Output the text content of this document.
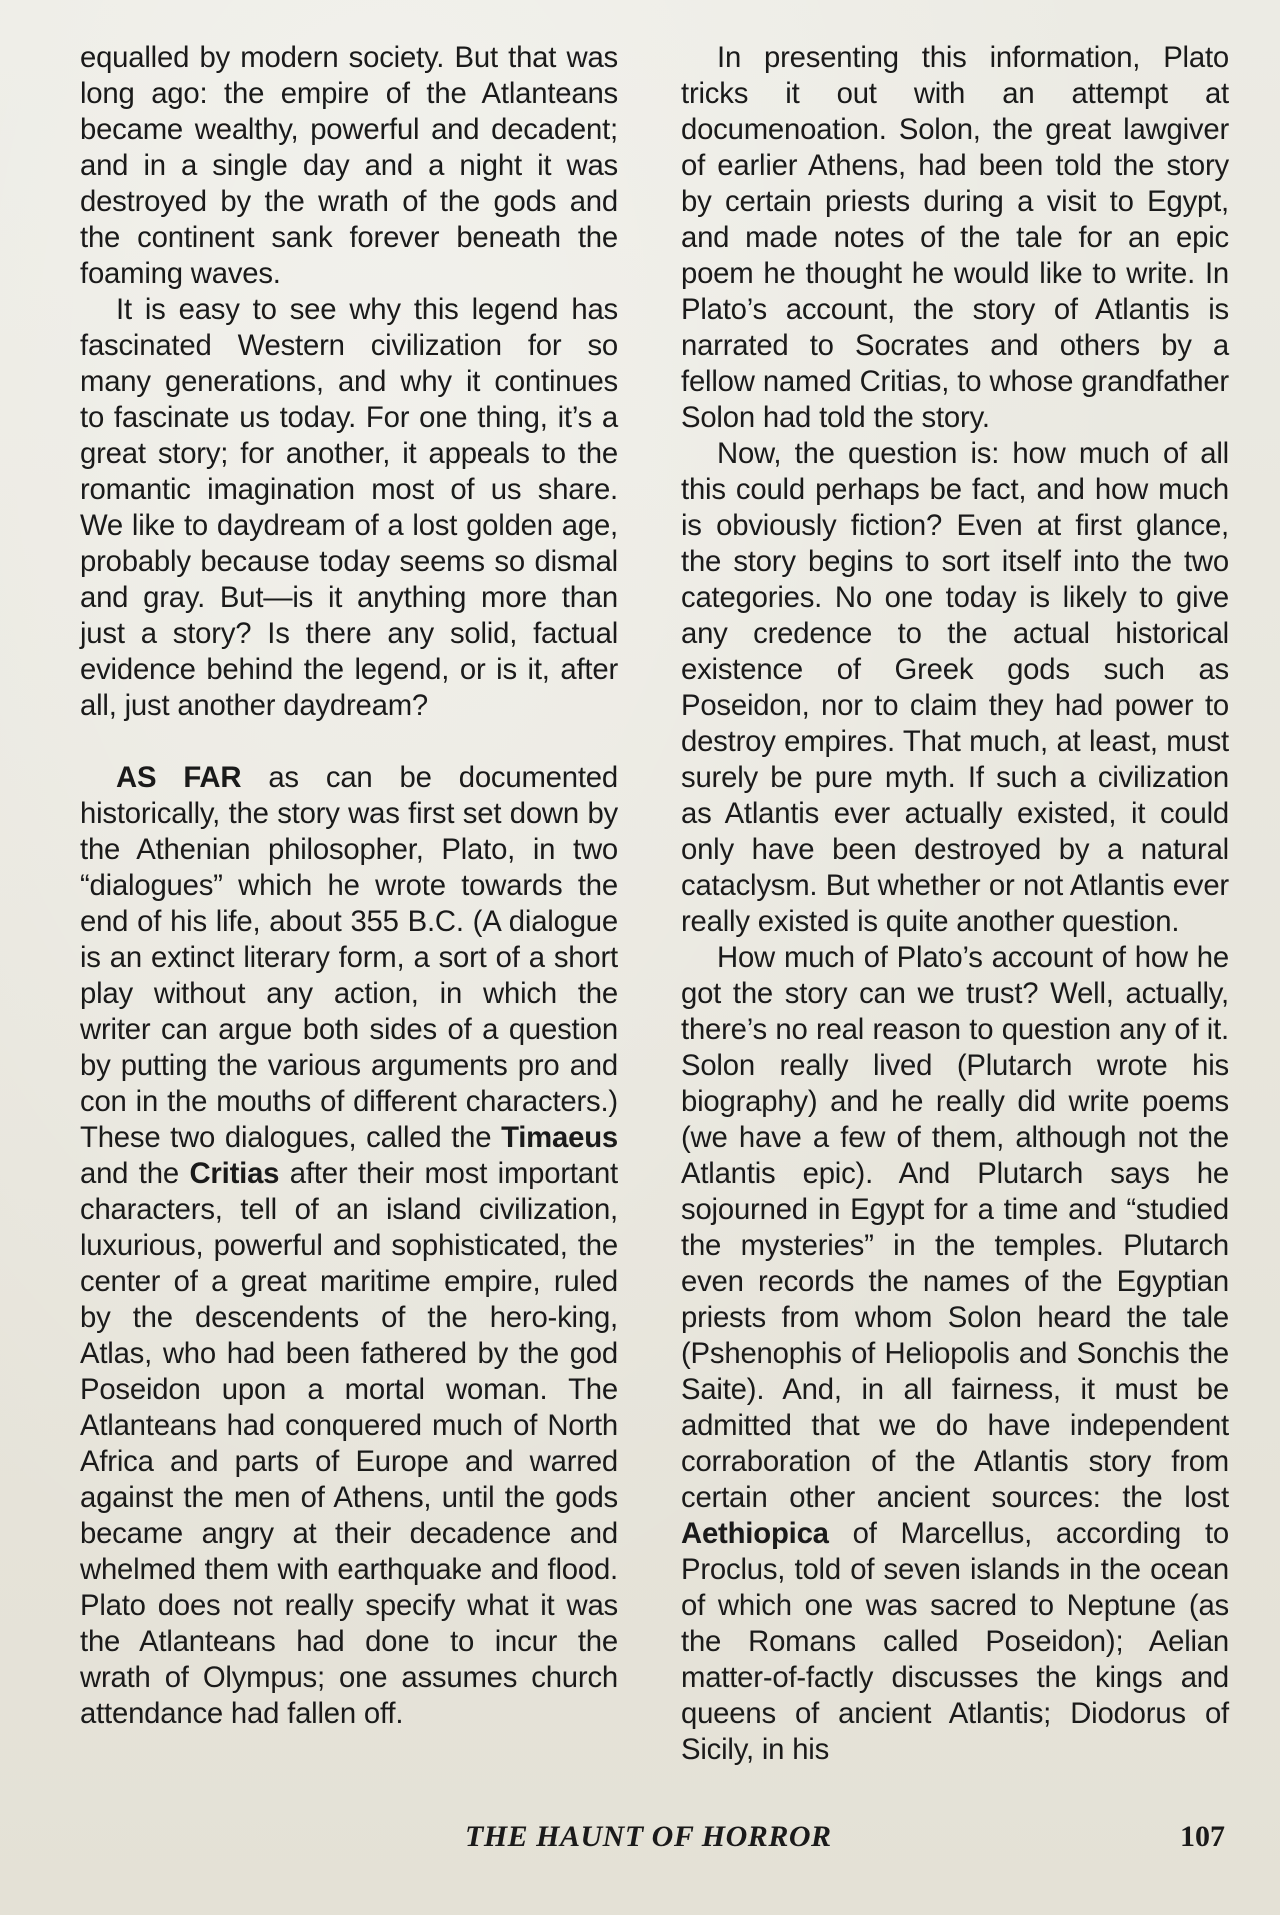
equalled by modern society. But that was long ago: the empire of the Atlanteans became wealthy, powerful and decadent; and in a single day and a night it was destroyed by the wrath of the gods and the continent sank forever beneath the foaming waves.

It is easy to see why this legend has fascinated Western civilization for so many generations, and why it continues to fascinate us today. For one thing, it’s a great story; for another, it appeals to the romantic imagination most of us share. We like to daydream of a lost golden age, probably because today seems so dismal and gray. But—is it anything more than just a story? Is there any solid, factual evidence behind the legend, or is it, after all, just another daydream?

AS FAR as can be documented historically, the story was first set down by the Athenian philosopher, Plato, in two “dialogues” which he wrote towards the end of his life, about 355 B.C. (A dialogue is an extinct literary form, a sort of a short play without any action, in which the writer can argue both sides of a question by putting the various arguments pro and con in the mouths of different characters.) These two dialogues, called the Timaeus and the Critias after their most important characters, tell of an island civilization, luxurious, powerful and sophisticated, the center of a great maritime empire, ruled by the descendents of the hero-king, Atlas, who had been fathered by the god Poseidon upon a mortal woman. The Atlanteans had conquered much of North Africa and parts of Europe and warred against the men of Athens, until the gods became angry at their decadence and whelmed them with earthquake and flood. Plato does not really specify what it was the Atlanteans had done to incur the wrath of Olympus; one assumes church attendance had fallen off.

In presenting this information, Plato tricks it out with an attempt at documenoation. Solon, the great lawgiver of earlier Athens, had been told the story by certain priests during a visit to Egypt, and made notes of the tale for an epic poem he thought he would like to write. In Plato’s account, the story of Atlantis is narrated to Socrates and others by a fellow named Critias, to whose grandfather Solon had told the story.

Now, the question is: how much of all this could perhaps be fact, and how much is obviously fiction? Even at first glance, the story begins to sort itself into the two categories. No one today is likely to give any credence to the actual historical existence of Greek gods such as Poseidon, nor to claim they had power to destroy empires. That much, at least, must surely be pure myth. If such a civilization as Atlantis ever actually existed, it could only have been destroyed by a natural cataclysm. But whether or not Atlantis ever really existed is quite another question.

How much of Plato’s account of how he got the story can we trust? Well, actually, there’s no real reason to question any of it. Solon really lived (Plutarch wrote his biography) and he really did write poems (we have a few of them, although not the Atlantis epic). And Plutarch says he sojourned in Egypt for a time and “studied the mysteries” in the temples. Plutarch even records the names of the Egyptian priests from whom Solon heard the tale (Pshenophis of Heliopolis and Sonchis the Saite). And, in all fairness, it must be admitted that we do have independent corraboration of the Atlantis story from certain other ancient sources: the lost Aethiopica of Marcellus, according to Proclus, told of seven islands in the ocean of which one was sacred to Neptune (as the Romans called Poseidon); Aelian matter-of-factly discusses the kings and queens of ancient Atlantis; Diodorus of Sicily, in his

THE HAUNT OF HORROR	107
